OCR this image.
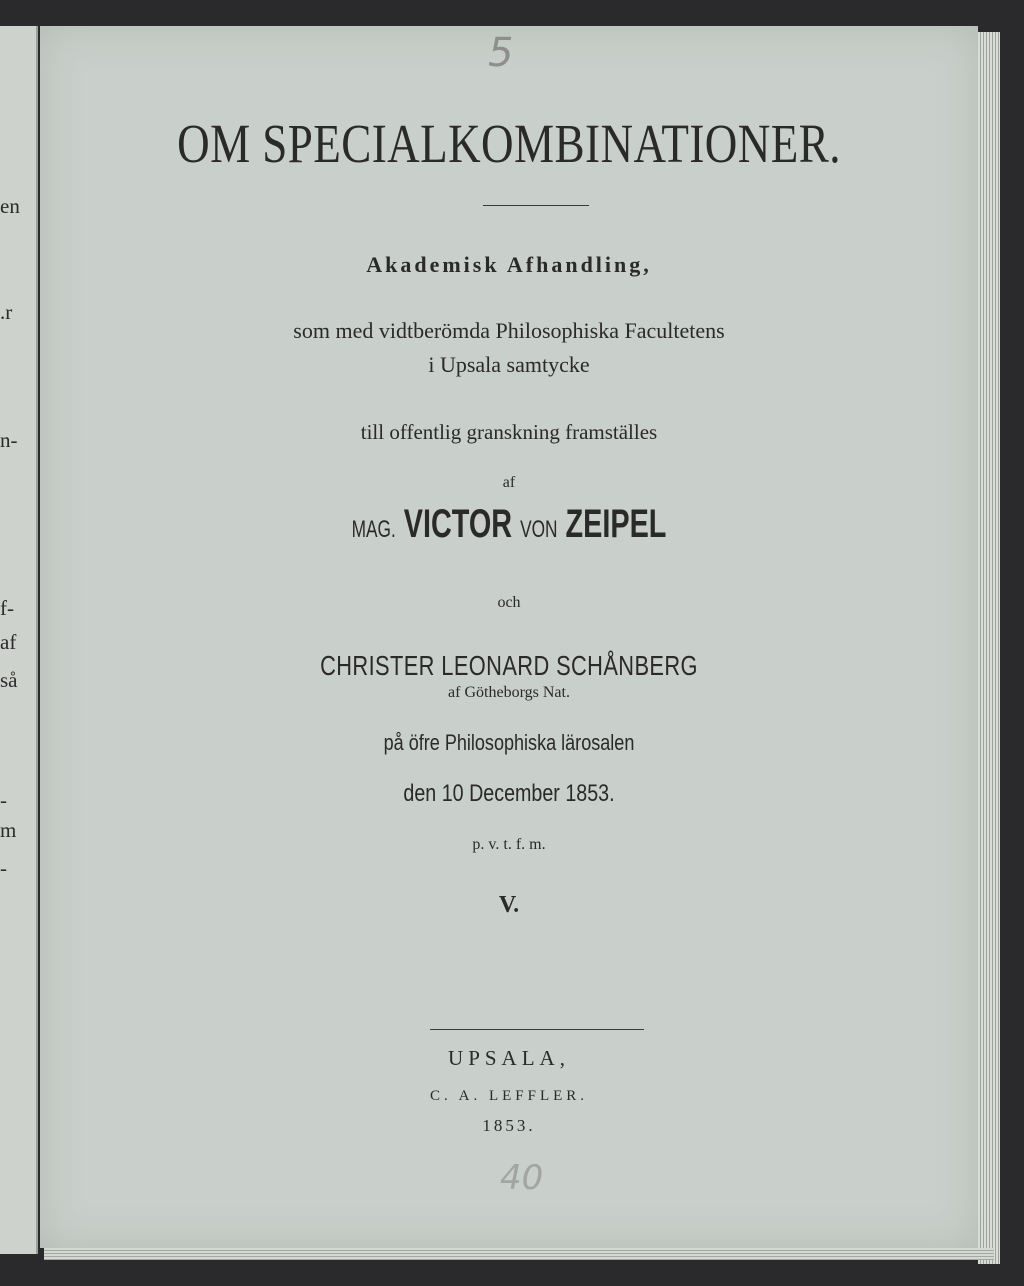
en
.r
n-
f-
af
så
-
m
-
5
OM SPECIALKOMBINATIONER.
Akademisk Afhandling,
som med vidtberömda Philosophiska Facultetens
i Upsala samtycke
till offentlig granskning framställes
af
MAG. VICTOR VON ZEIPEL
och
CHRISTER LEONARD SCHÅNBERG
af Götheborgs Nat.
på öfre Philosophiska lärosalen
den 10 December 1853.
p. v. t. f. m.
V.
UPSALA,
C. A. LEFFLER.
1853.
40
